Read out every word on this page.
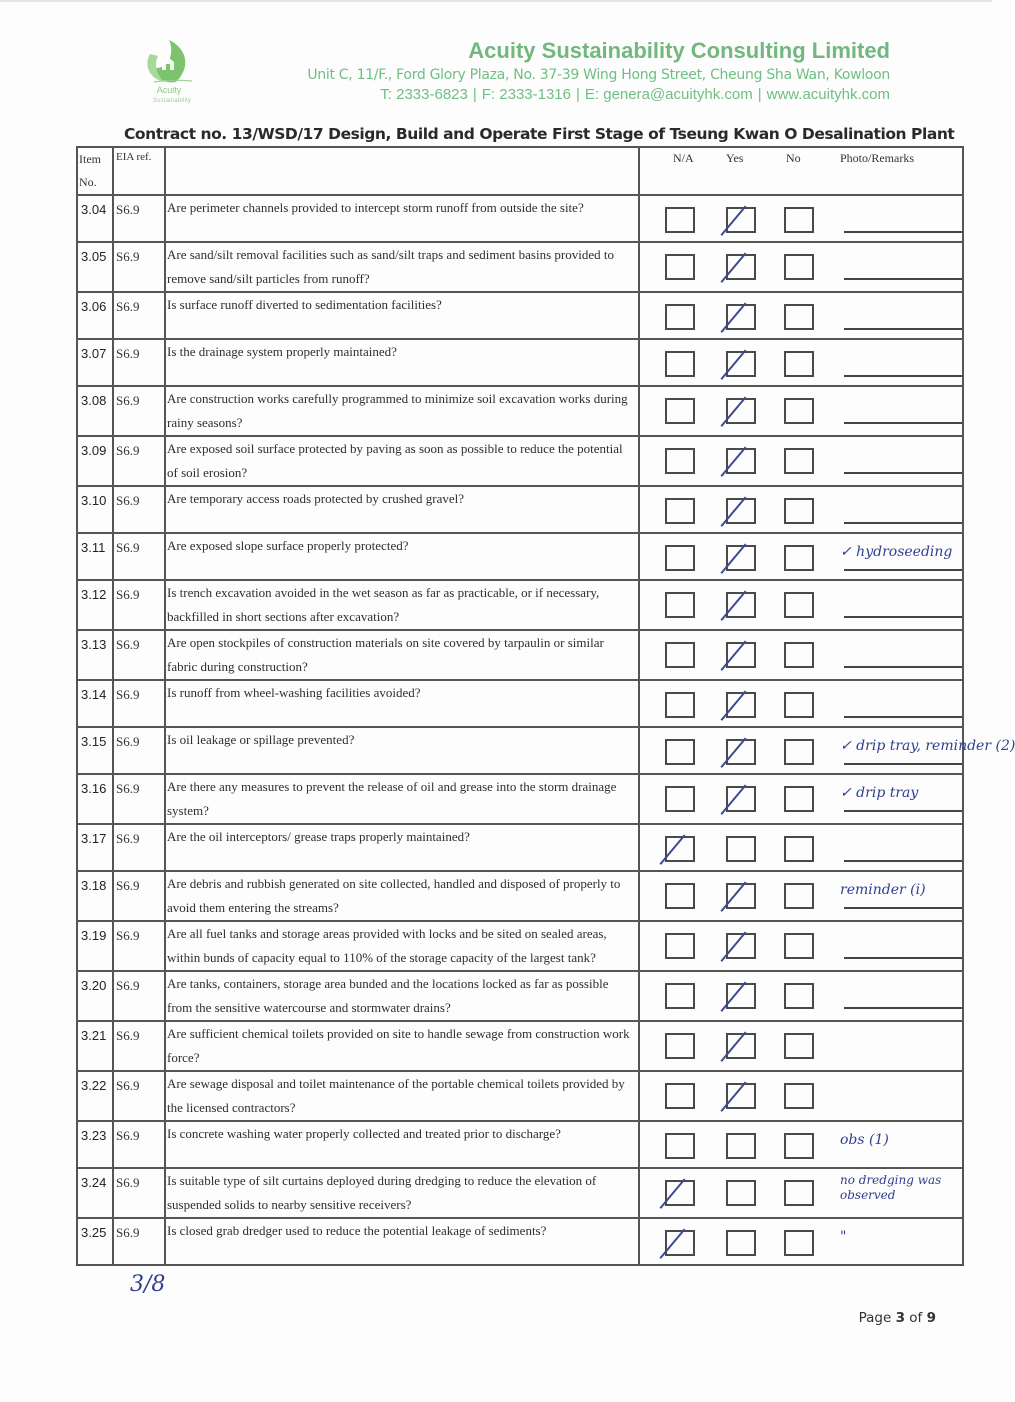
Acuity
Sustainability
Acuity Sustainability Consulting Limited
Unit C, 11/F., Ford Glory Plaza, No. 37-39 Wing Hong Street, Cheung Sha Wan, Kowloon
T: 2333-6823 | F: 2333-1316 | E: genera@acuityhk.com | www.acuityhk.com
Contract no. 13/WSD/17 Design, Build and Operate First Stage of Tseung Kwan O Desalination Plant
Item
No.	EIA ref.		N/A Yes No Photo/Remarks

3.04	S6.9	Are perimeter channels provided to intercept storm runoff from outside the site?	

3.05	S6.9	Are sand/silt removal facilities such as sand/silt traps and sediment basins provided to remove sand/silt particles from runoff?	

3.06	S6.9	Is surface runoff diverted to sedimentation facilities?	

3.07	S6.9	Is the drainage system properly maintained?	

3.08	S6.9	Are construction works carefully programmed to minimize soil excavation works during rainy seasons?	

3.09	S6.9	Are exposed soil surface protected by paving as soon as possible to reduce the potential of soil erosion?	

3.10	S6.9	Are temporary access roads protected by crushed gravel?	

3.11	S6.9	Are exposed slope surface properly protected?	✓ hydroseeding

3.12	S6.9	Is trench excavation avoided in the wet season as far as practicable, or if necessary, backfilled in short sections after excavation?	

3.13	S6.9	Are open stockpiles of construction materials on site covered by tarpaulin or similar fabric during construction?	

3.14	S6.9	Is runoff from wheel-washing facilities avoided?	

3.15	S6.9	Is oil leakage or spillage prevented?	✓ drip tray, reminder (2)

3.16	S6.9	Are there any measures to prevent the release of oil and grease into the storm drainage system?	✓ drip tray

3.17	S6.9	Are the oil interceptors/ grease traps properly maintained?	

3.18	S6.9	Are debris and rubbish generated on site collected, handled and disposed of properly to avoid them entering the streams?	reminder (i)

3.19	S6.9	Are all fuel tanks and storage areas provided with locks and be sited on sealed areas, within bunds of capacity equal to 110% of the storage capacity of the largest tank?	

3.20	S6.9	Are tanks, containers, storage area bunded and the locations locked as far as possible from the sensitive watercourse and stormwater drains?	

3.21	S6.9	Are sufficient chemical toilets provided on site to handle sewage from construction work force?	

3.22	S6.9	Are sewage disposal and toilet maintenance of the portable chemical toilets provided by the licensed contractors?	

3.23	S6.9	Is concrete washing water properly collected and treated prior to discharge?	obs (1)

3.24	S6.9	Is suitable type of silt curtains deployed during dredging to reduce the elevation of suspended solids to nearby sensitive receivers?	no dredging was observed

3.25	S6.9	Is closed grab dredger used to reduce the potential leakage of sediments?	"
3/8
Page 3 of 9
